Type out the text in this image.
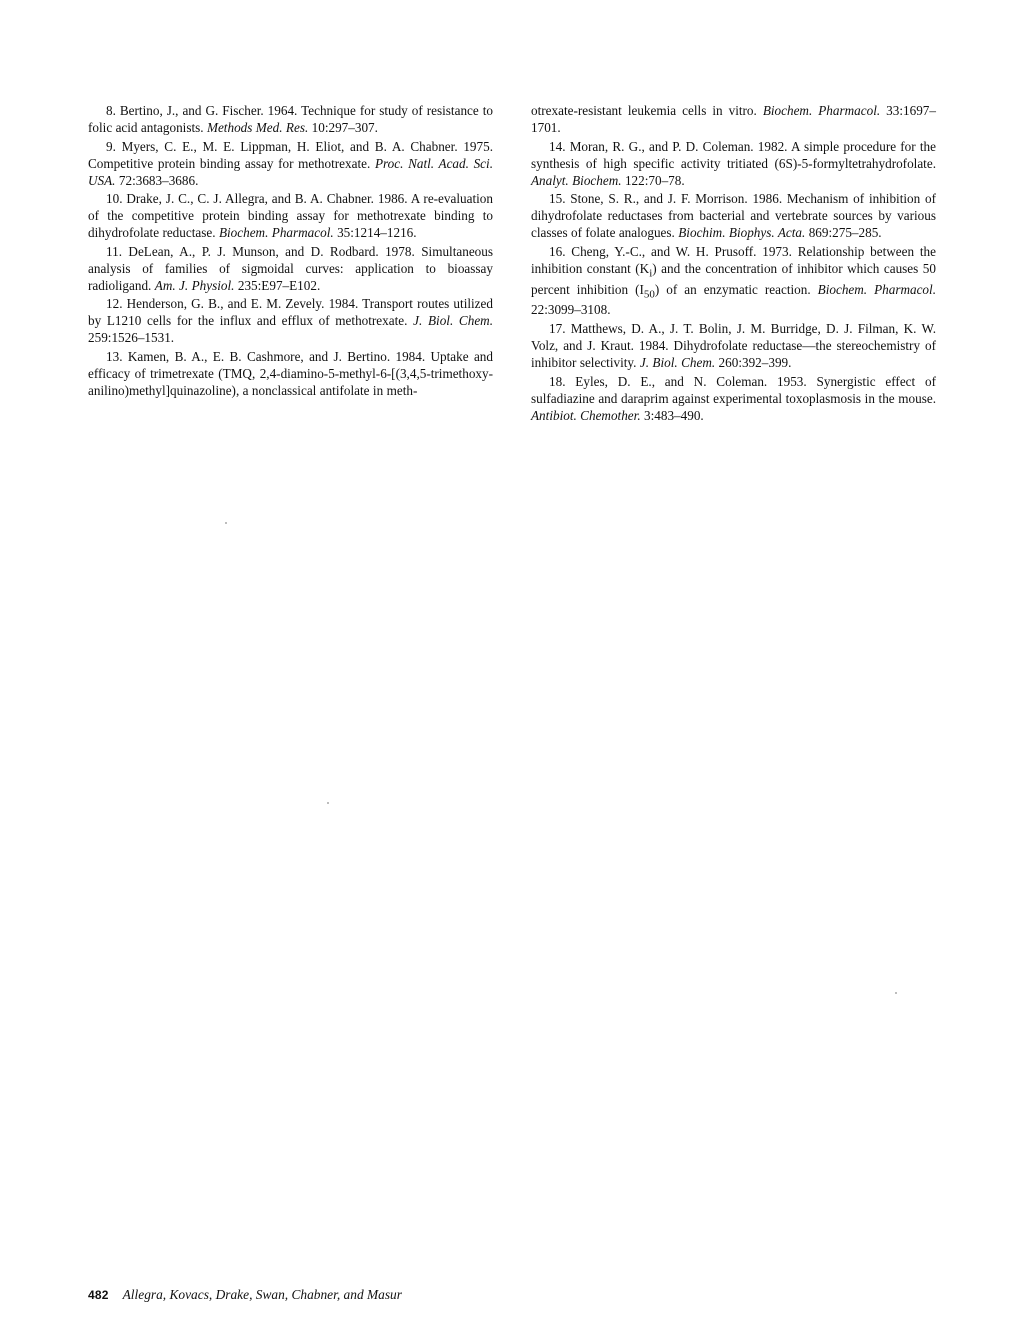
8. Bertino, J., and G. Fischer. 1964. Technique for study of resistance to folic acid antagonists. Methods Med. Res. 10:297–307.

9. Myers, C. E., M. E. Lippman, H. Eliot, and B. A. Chabner. 1975. Competitive protein binding assay for methotrexate. Proc. Natl. Acad. Sci. USA. 72:3683–3686.

10. Drake, J. C., C. J. Allegra, and B. A. Chabner. 1986. A re-evaluation of the competitive protein binding assay for methotrexate binding to dihydrofolate reductase. Biochem. Pharmacol. 35:1214–1216.

11. DeLean, A., P. J. Munson, and D. Rodbard. 1978. Simultaneous analysis of families of sigmoidal curves: application to bioassay radioligand. Am. J. Physiol. 235:E97–E102.

12. Henderson, G. B., and E. M. Zevely. 1984. Transport routes utilized by L1210 cells for the influx and efflux of methotrexate. J. Biol. Chem. 259:1526–1531.

13. Kamen, B. A., E. B. Cashmore, and J. Bertino. 1984. Uptake and efficacy of trimetrexate (TMQ, 2,4-diamino-5-methyl-6-[(3,4,5-trimethoxy-anilino)methyl]quinazoline), a nonclassical antifolate in meth-

otrexate-resistant leukemia cells in vitro. Biochem. Pharmacol. 33:1697–1701.

14. Moran, R. G., and P. D. Coleman. 1982. A simple procedure for the synthesis of high specific activity tritiated (6S)-5-formyltetrahydrofolate. Analyt. Biochem. 122:70–78.

15. Stone, S. R., and J. F. Morrison. 1986. Mechanism of inhibition of dihydrofolate reductases from bacterial and vertebrate sources by various classes of folate analogues. Biochim. Biophys. Acta. 869:275–285.

16. Cheng, Y.-C., and W. H. Prusoff. 1973. Relationship between the inhibition constant $(K_i)$ and the concentration of inhibitor which causes 50 percent inhibition $(I_{50})$ of an enzymatic reaction. Biochem. Pharmacol. 22:3099–3108.

17. Matthews, D. A., J. T. Bolin, J. M. Burridge, D. J. Filman, K. W. Volz, and J. Kraut. 1984. Dihydrofolate reductase—the stereochemistry of inhibitor selectivity. J. Biol. Chem. 260:392–399.

18. Eyles, D. E., and N. Coleman. 1953. Synergistic effect of sulfadiazine and daraprim against experimental toxoplasmosis in the mouse. Antibiot. Chemother. 3:483–490.

482 Allegra, Kovacs, Drake, Swan, Chabner, and Masur
